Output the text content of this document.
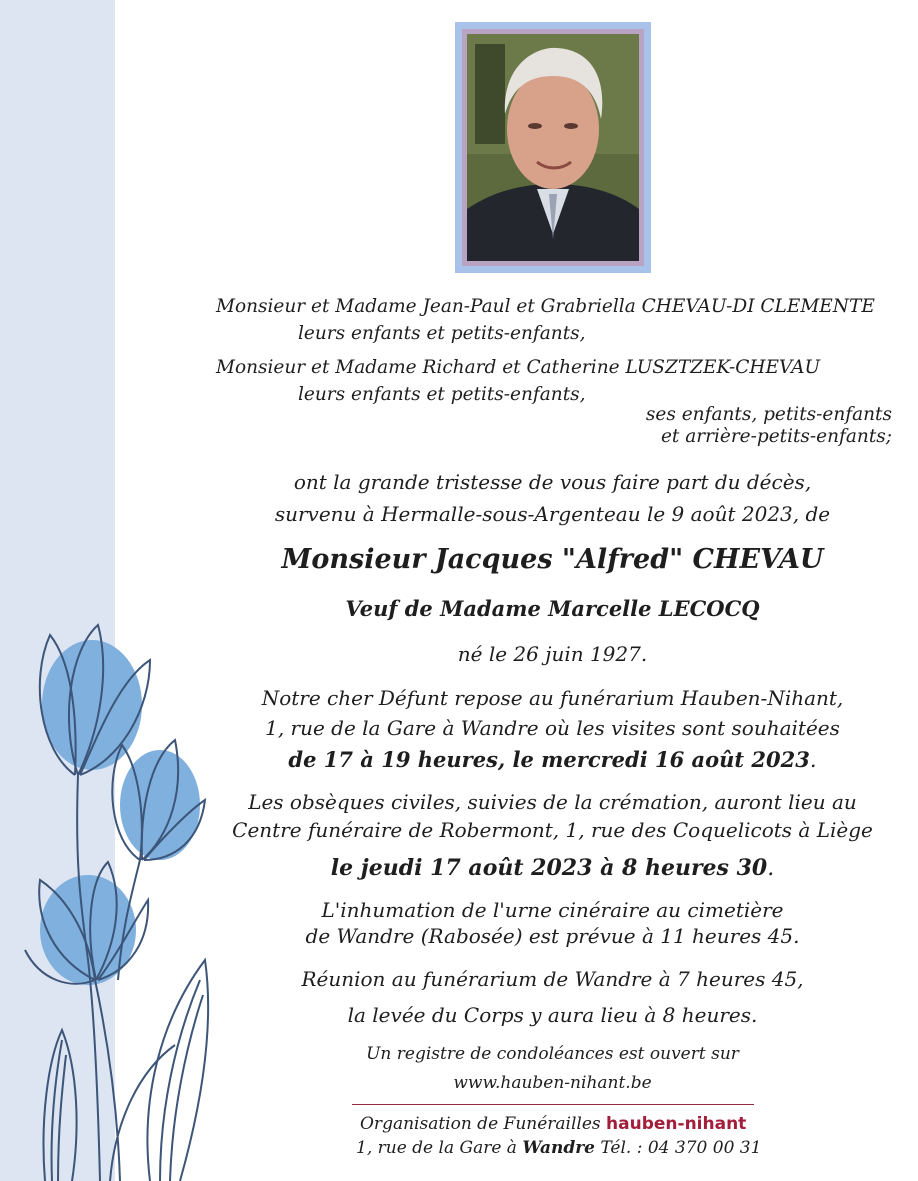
Monsieur et Madame Jean-Paul et Grabriella CHEVAU-DI CLEMENTE
leurs enfants et petits-enfants,
Monsieur et Madame Richard et Catherine LUSZTZEK-CHEVAU
leurs enfants et petits-enfants,
ses enfants, petits-enfants
et arrière-petits-enfants;
ont la grande tristesse de vous faire part du décès,
survenu à Hermalle-sous-Argenteau le 9 août 2023, de
Monsieur Jacques "Alfred" CHEVAU
Veuf de Madame Marcelle LECOCQ
né le 26 juin 1927.
Notre cher Défunt repose au funérarium Hauben-Nihant,
1, rue de la Gare à Wandre où les visites sont souhaitées
de 17 à 19 heures, le mercredi 16 août 2023.
Les obsèques civiles, suivies de la crémation, auront lieu au
Centre funéraire de Robermont, 1, rue des Coquelicots à Liège
le jeudi 17 août 2023 à 8 heures 30.
L'inhumation de l'urne cinéraire au cimetière
de Wandre (Rabosée) est prévue à 11 heures 45.
Réunion au funérarium de Wandre à 7 heures 45,
la levée du Corps y aura lieu à 8 heures.
Un registre de condoléances est ouvert sur
www.hauben-nihant.be
Organisation de Funérailles hauben-nihant
1, rue de la Gare à Wandre Tél. : 04 370 00 31
